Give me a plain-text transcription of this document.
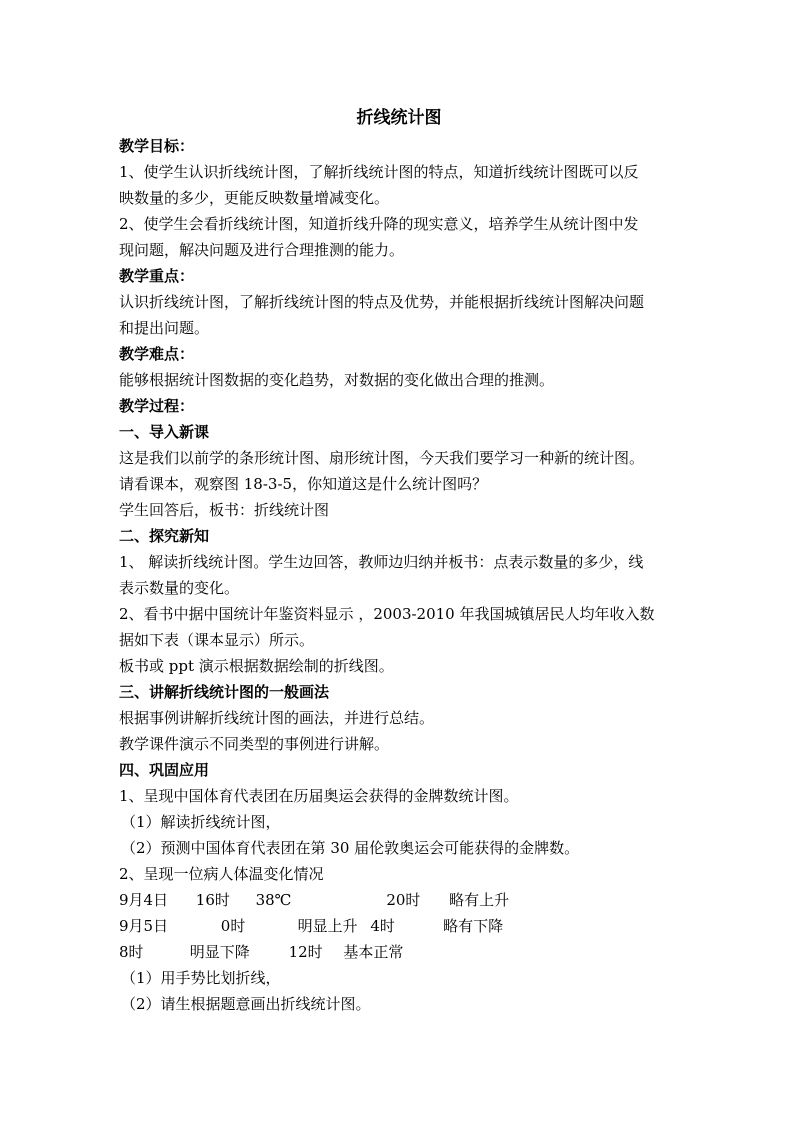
折线统计图
教学目标：
1、使学生认识折线统计图，了解折线统计图的特点，知道折线统计图既可以反
映数量的多少，更能反映数量增减变化。
2、使学生会看折线统计图，知道折线升降的现实意义，培养学生从统计图中发
现问题，解决问题及进行合理推测的能力。
教学重点：
认识折线统计图，了解折线统计图的特点及优势，并能根据折线统计图解决问题
和提出问题。
教学难点：
能够根据统计图数据的变化趋势，对数据的变化做出合理的推测。
教学过程：
一、导入新课
这是我们以前学的条形统计图、扇形统计图，今天我们要学习一种新的统计图。
请看课本，观察图 18-3-5，你知道这是什么统计图吗？
学生回答后，板书：折线统计图
二、探究新知
1、 解读折线统计图。学生边回答，教师边归纳并板书：点表示数量的多少，线
表示数量的变化。
2、看书中据中国统计年鉴资料显示 ，2003-2010 年我国城镇居民人均年收入数
据如下表（课本显示）所示。
板书或 ppt 演示根据数据绘制的折线图。
三、讲解折线统计图的一般画法
根据事例讲解折线统计图的画法，并进行总结。
教学课件演示不同类型的事例进行讲解。
四、巩固应用
1、呈现中国体育代表团在历届奥运会获得的金牌数统计图。
（1）解读折线统计图，
（2）预测中国体育代表团在第 30 届伦敦奥运会可能获得的金牌数。
2、呈现一位病人体温变化情况
9月4日 16时 38℃	20时 略有上升
9月5日	0时	明显上升 4时	略有下降
8时	明显下降	12时 基本正常
（1）用手势比划折线，
（2）请生根据题意画出折线统计图。
